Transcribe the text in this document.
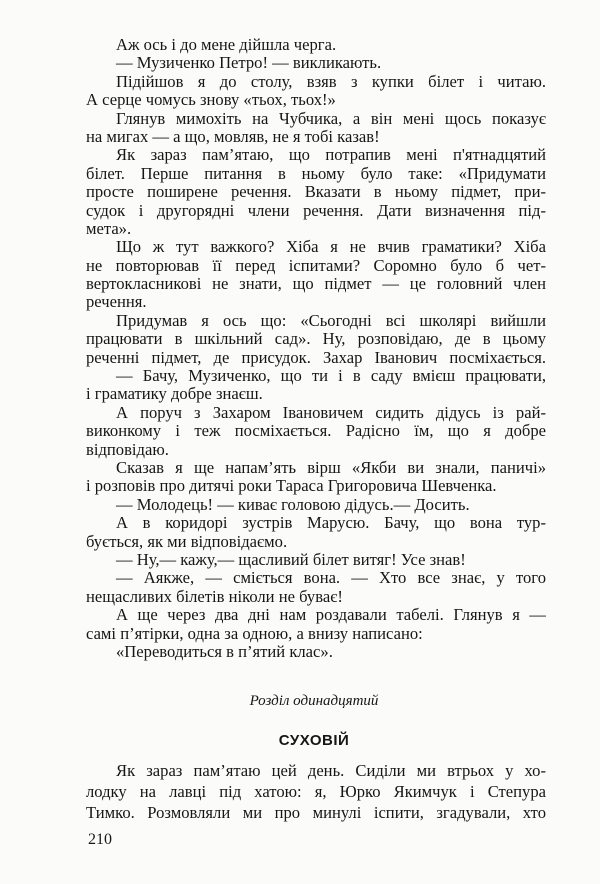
Аж ось і до мене дійшла черга.
— Музиченко Петро! — викликають.
Підійшов я до столу, взяв з купки білет і читаю.
А серце чомусь знову «тьох, тьох!»
Глянув мимохіть на Чубчика, а він мені щось показує
на мигах — а що, мовляв, не я тобі казав!
Як зараз пам’ятаю, що потрапив мені п'ятнадцятий
білет. Перше питання в ньому було таке: «Придумати
просте поширене речення. Вказати в ньому підмет, при-
судок і другорядні члени речення. Дати визначення під-
мета».
Що ж тут важкого? Хіба я не вчив граматики? Хіба
не повторював її перед іспитами? Соромно було б чет-
вертокласникові не знати, що підмет — це головний член
речення.
Придумав я ось що: «Сьогодні всі школярі вийшли
працювати в шкільний сад». Ну, розповідаю, де в цьому
реченні підмет, де присудок. Захар Іванович посміхається.
— Бачу, Музиченко, що ти і в саду вмієш працювати,
і граматику добре знаєш.
А поруч з Захаром Івановичем сидить дідусь із рай-
виконкому і теж посміхається. Радісно їм, що я добре
відповідаю.
Сказав я ще напам’ять вірш «Якби ви знали, паничі»
і розповів про дитячі роки Тараса Григоровича Шевченка.
— Молодець! — киває головою дідусь.— Досить.
А в коридорі зустрів Марусю. Бачу, що вона тур-
бується, як ми відповідаємо.
— Ну,— кажу,— щасливий білет витяг! Усе знав!
— Аякже, — сміється вона. — Хто все знає, у того
нещасливих білетів ніколи не буває!
А ще через два дні нам роздавали табелі. Глянув я —
самі п’ятірки, одна за одною, а внизу написано:
«Переводиться в п’ятий клас».
Розділ одинадцятий
СУХОВІЙ
Як зараз пам’ятаю цей день. Сиділи ми втрьох у хо-
лодку на лавці під хатою: я, Юрко Якимчук і Степура
Тимко. Розмовляли ми про минулі іспити, згадували, хто
210
